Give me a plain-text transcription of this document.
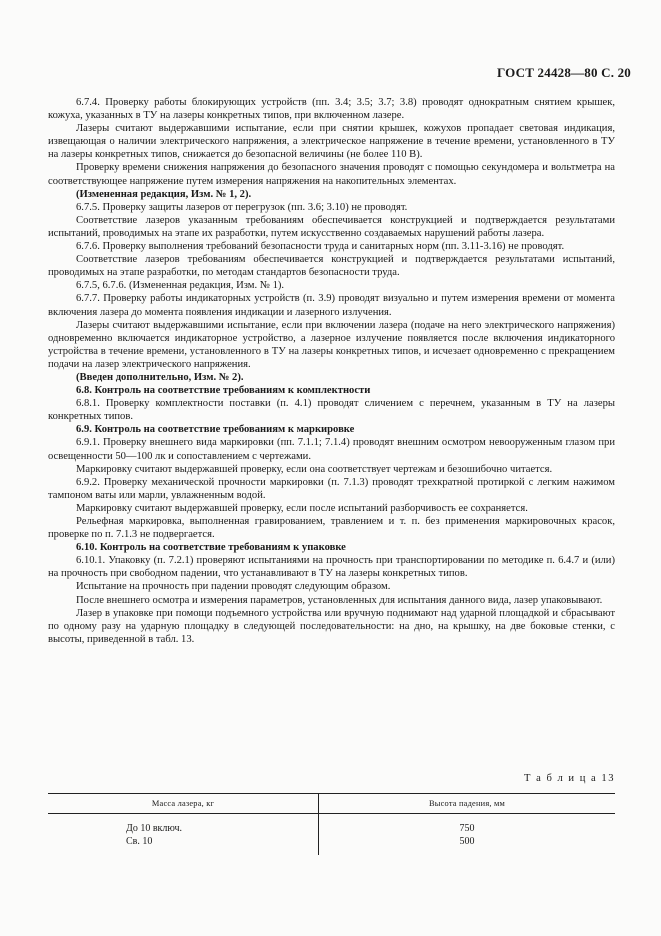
ГОСТ 24428—80 С. 20

6.7.4. Проверку работы блокирующих устройств (пп. 3.4; 3.5; 3.7; 3.8) проводят однократным снятием крышек, кожуха, указанных в ТУ на лазеры конкретных типов, при включенном лазере.

Лазеры считают выдержавшими испытание, если при снятии крышек, кожухов пропадает световая индикация, извещающая о наличии электрического напряжения, а электрическое напряжение в течение времени, установленного в ТУ на лазеры конкретных типов, снижается до безопасной величины (не более 110 В).

Проверку времени снижения напряжения до безопасного значения проводят с помощью секундомера и вольтметра на соответствующее напряжение путем измерения напряжения на накопительных элементах.

(Измененная редакция, Изм. № 1, 2).

6.7.5. Проверку защиты лазеров от перегрузок (пп. 3.6; 3.10) не проводят.

Соответствие лазеров указанным требованиям обеспечивается конструкцией и подтверждается результатами испытаний, проводимых на этапе их разработки, путем искусственно создаваемых нарушений работы лазера.

6.7.6. Проверку выполнения требований безопасности труда и санитарных норм (пп. 3.11-3.16) не проводят.

Соответствие лазеров требованиям обеспечивается конструкцией и подтверждается результатами испытаний, проводимых на этапе разработки, по методам стандартов безопасности труда.

6.7.5, 6.7.6. (Измененная редакция, Изм. № 1).

6.7.7. Проверку работы индикаторных устройств (п. 3.9) проводят визуально и путем измерения времени от момента включения лазера до момента появления индикации и лазерного излучения.

Лазеры считают выдержавшими испытание, если при включении лазера (подаче на него электрического напряжения) одновременно включается индикаторное устройство, а лазерное излучение появляется после включения индикаторного устройства в течение времени, установленного в ТУ на лазеры конкретных типов, и исчезает одновременно с прекращением подачи на лазер электрического напряжения.

(Введен дополнительно, Изм. № 2).

6.8. Контроль на соответствие требованиям к комплектности

6.8.1. Проверку комплектности поставки (п. 4.1) проводят сличением с перечнем, указанным в ТУ на лазеры конкретных типов.

6.9. Контроль на соответствие требованиям к маркировке

6.9.1. Проверку внешнего вида маркировки (пп. 7.1.1; 7.1.4) проводят внешним осмотром невооруженным глазом при освещенности 50—100 лк и сопоставлением с чертежами.

Маркировку считают выдержавшей проверку, если она соответствует чертежам и безошибочно читается.

6.9.2. Проверку механической прочности маркировки (п. 7.1.3) проводят трехкратной протиркой с легким нажимом тампоном ваты или марли, увлажненным водой.

Маркировку считают выдержавшей проверку, если после испытаний разборчивость ее сохраняется.

Рельефная маркировка, выполненная гравированием, травлением и т. п. без применения маркировочных красок, проверке по п. 7.1.3 не подвергается.

6.10. Контроль на соответствие требованиям к упаковке

6.10.1. Упаковку (п. 7.2.1) проверяют испытаниями на прочность при транспортировании по методике п. 6.4.7 и (или) на прочность при свободном падении, что устанавливают в ТУ на лазеры конкретных типов.

Испытание на прочность при падении проводят следующим образом.

После внешнего осмотра и измерения параметров, установленных для испытания данного вида, лазер упаковывают.

Лазер в упаковке при помощи подъемного устройства или вручную поднимают над ударной площадкой и сбрасывают по одному разу на ударную площадку в следующей последовательности: на дно, на крышку, на две боковые стенки, с высоты, приведенной в табл. 13.

Т а б л и ц а 13
Масса лазера, кг	Высота падения, мм
До 10 включ.	750
Св. 10	500
